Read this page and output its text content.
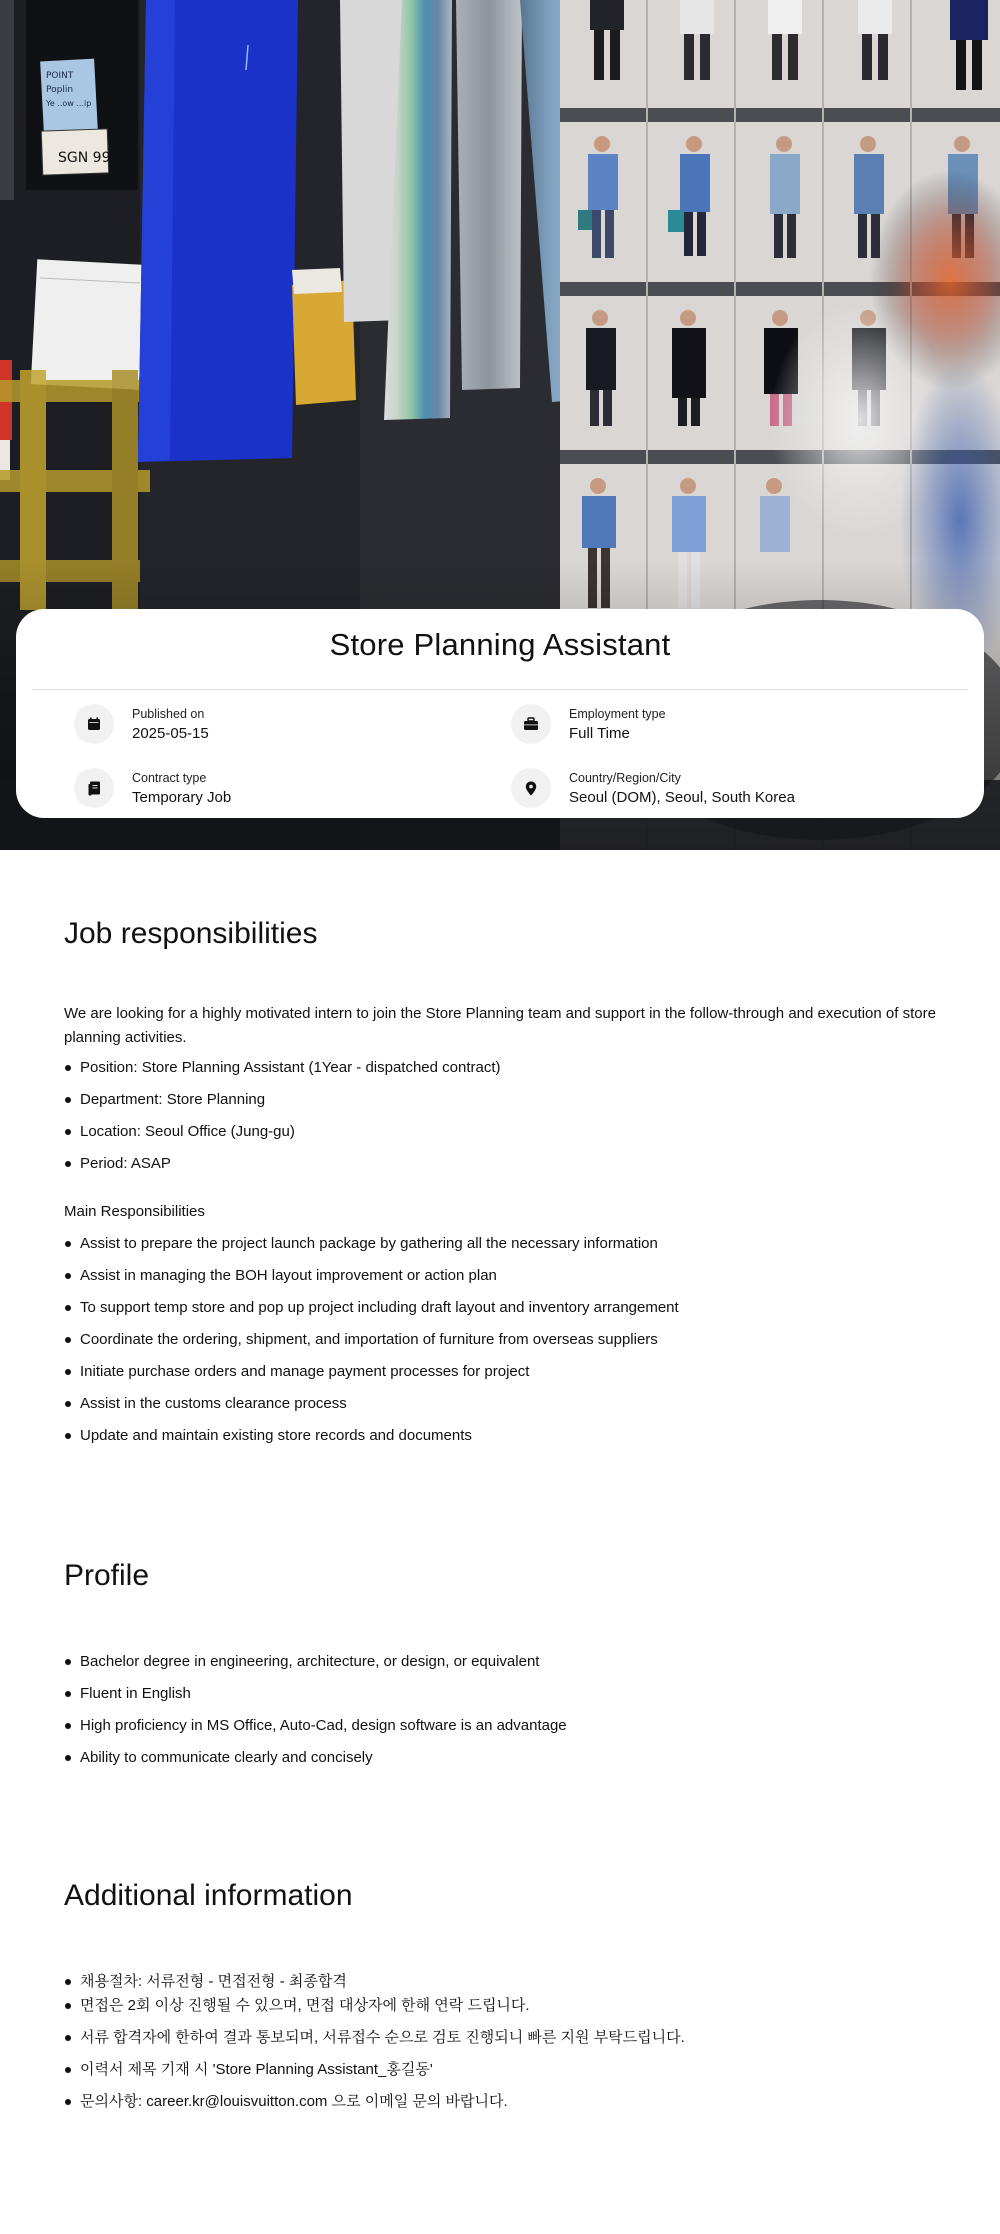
POINT
Poplin
Ye ..ow ...ip
SGN 99
Store Planning Assistant
Published on
2025-05-15
Employment type
Full Time
Contract type
Temporary Job
Country/Region/City
Seoul (DOM), Seoul, South Korea
Job responsibilities

We are looking for a highly motivated intern to join the Store Planning team and support in the follow-through and execution of store planning activities.

Position: Store Planning Assistant (1Year - dispatched contract)
Department: Store Planning
Location: Seoul Office (Jung-gu)
Period: ASAP

Main Responsibilities

Assist to prepare the project launch package by gathering all the necessary information
Assist in managing the BOH layout improvement or action plan
To support temp store and pop up project including draft layout and inventory arrangement
Coordinate the ordering, shipment, and importation of furniture from overseas suppliers
Initiate purchase orders and manage payment processes for project
Assist in the customs clearance process
Update and maintain existing store records and documents
Profile
Bachelor degree in engineering, architecture, or design, or equivalent
Fluent in English
High proficiency in MS Office, Auto-Cad, design software is an advantage
Ability to communicate clearly and concisely
Additional information
채용절차: 서류전형 - 면접전형 - 최종합격
면접은 2회 이상 진행될 수 있으며, 면접 대상자에 한해 연락 드립니다.
서류 합격자에 한하여 결과 통보되며, 서류접수 순으로 검토 진행되니 빠른 지원 부탁드립니다.
이력서 제목 기재 시 'Store Planning Assistant_홍길동'
문의사항: career.kr@louisvuitton.com 으로 이메일 문의 바랍니다.
